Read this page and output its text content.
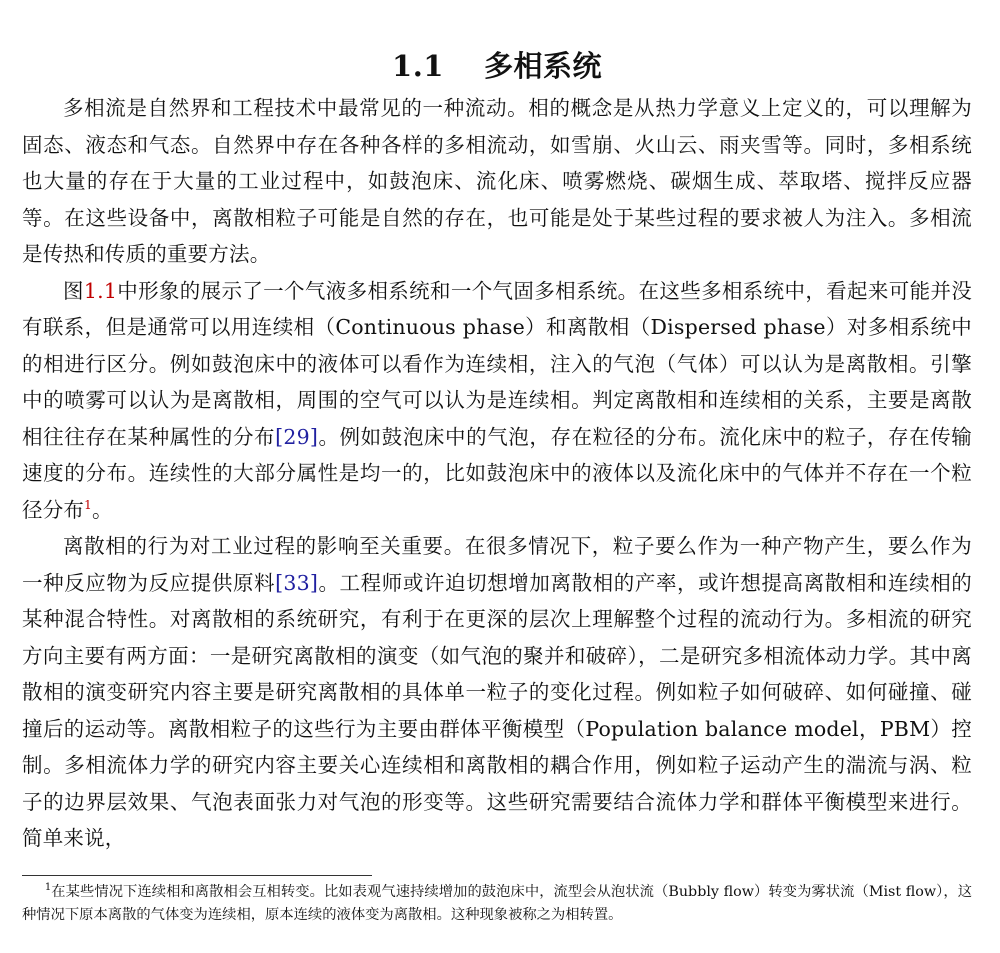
1.1 多相系统

多相流是自然界和工程技术中最常见的一种流动。相的概念是从热力学意义上定义的，可以理解为固态、液态和气态。自然界中存在各种各样的多相流动，如雪崩、火山云、雨夹雪等。同时，多相系统也大量的存在于大量的工业过程中，如鼓泡床、流化床、喷雾燃烧、碳烟生成、萃取塔、搅拌反应器等。在这些设备中，离散相粒子可能是自然的存在，也可能是处于某些过程的要求被人为注入。多相流是传热和传质的重要方法。

图1.1中形象的展示了一个气液多相系统和一个气固多相系统。在这些多相系统中，看起来可能并没有联系，但是通常可以用连续相（Continuous phase）和离散相（Dispersed phase）对多相系统中的相进行区分。例如鼓泡床中的液体可以看作为连续相，注入的气泡（气体）可以认为是离散相。引擎中的喷雾可以认为是离散相，周围的空气可以认为是连续相。判定离散相和连续相的关系，主要是离散相往往存在某种属性的分布[29]。例如鼓泡床中的气泡，存在粒径的分布。流化床中的粒子，存在传输速度的分布。连续性的大部分属性是均一的，比如鼓泡床中的液体以及流化床中的气体并不存在一个粒径分布$^1$。

离散相的行为对工业过程的影响至关重要。在很多情况下，粒子要么作为一种产物产生，要么作为一种反应物为反应提供原料[33]。工程师或许迫切想增加离散相的产率，或许想提高离散相和连续相的某种混合特性。对离散相的系统研究，有利于在更深的层次上理解整个过程的流动行为。多相流的研究方向主要有两方面：一是研究离散相的演变（如气泡的聚并和破碎），二是研究多相流体动力学。其中离散相的演变研究内容主要是研究离散相的具体单一粒子的变化过程。例如粒子如何破碎、如何碰撞、碰撞后的运动等。离散相粒子的这些行为主要由群体平衡模型（Population balance model，PBM）控制。多相流体力学的研究内容主要关心连续相和离散相的耦合作用，例如粒子运动产生的湍流与涡、粒子的边界层效果、气泡表面张力对气泡的形变等。这些研究需要结合流体力学和群体平衡模型来进行。简单来说，

$^1$在某些情况下连续相和离散相会互相转变。比如表观气速持续增加的鼓泡床中，流型会从泡状流（Bubbly flow）转变为雾状流（Mist flow），这种情况下原本离散的气体变为连续相，原本连续的液体变为离散相。这种现象被称之为相转置。
